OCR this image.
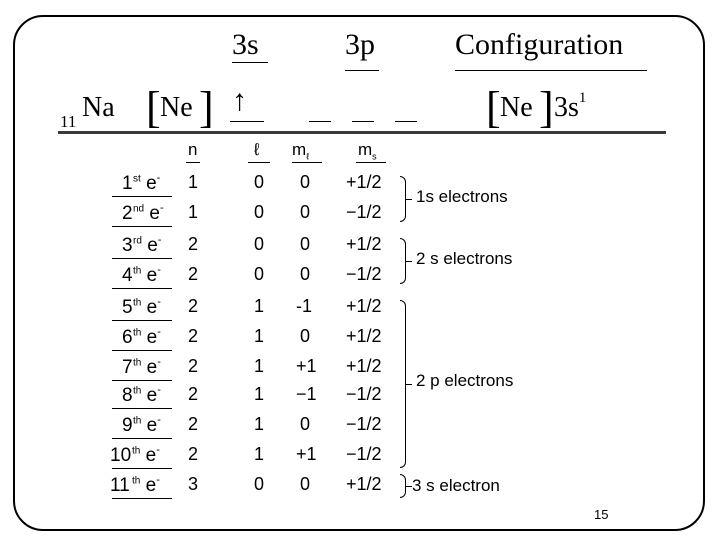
3s	3p	Configuration
11 Na [ Ne ] ↑	[ Ne ] $3s^1$
n	ℓ $m_\ell$	$m_s$
1 $^{st}$ e- 1	0 0 +1/2
2 $^{nd}$ e- 1	0 0 −1/2
3 $^{rd}$ e- 2	0 0 +1/2
4 $^{th}$ e- 2	0 0 −1/2
5 $^{th}$ e- 2	1 -1 +1/2
6 $^{th}$ e- 2	1 0 +1/2
7 $^{th}$ e- 2	1 +1 +1/2
8 $^{th}$ e- 2	1 −1 −1/2
9 $^{th}$ e- 2	1 0 −1/2
10 $^{th}$ e- 2	1 +1 −1/2
11 $^{th}$ e- 3	0 0 +1/2
1s electrons
2 s electrons
2 p electrons
3 s electron
15
